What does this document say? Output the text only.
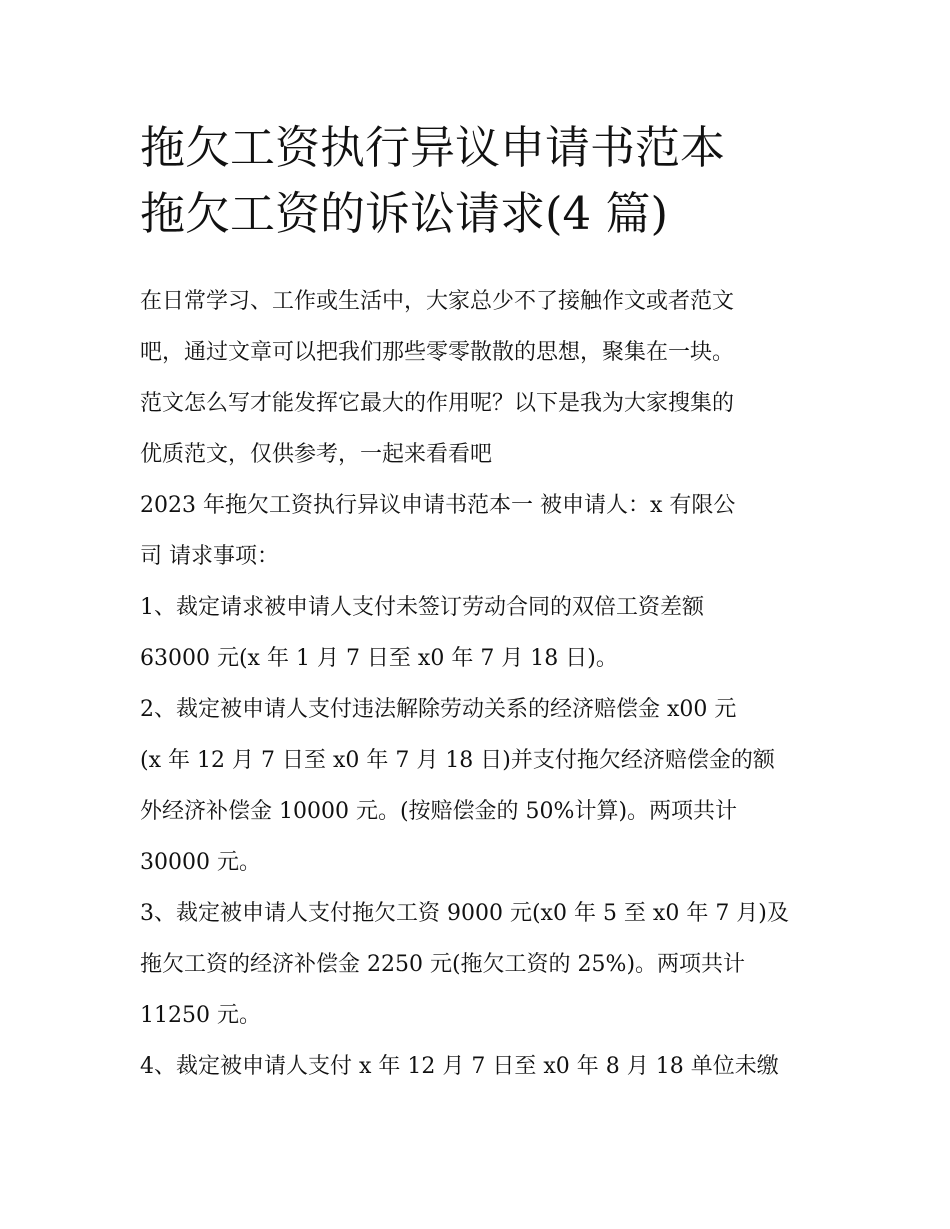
拖欠工资执行异议申请书范本
拖欠工资的诉讼请求(4 篇)
在日常学习、工作或生活中，大家总少不了接触作文或者范文
吧，通过文章可以把我们那些零零散散的思想，聚集在一块。
范文怎么写才能发挥它最大的作用呢？以下是我为大家搜集的
优质范文，仅供参考，一起来看看吧
2023 年拖欠工资执行异议申请书范本一 被申请人：x 有限公
司 请求事项：
1、裁定请求被申请人支付未签订劳动合同的双倍工资差额
63000 元(x 年 1 月 7 日至 x0 年 7 月 18 日)。
2、裁定被申请人支付违法解除劳动关系的经济赔偿金 x00 元
(x 年 12 月 7 日至 x0 年 7 月 18 日)并支付拖欠经济赔偿金的额
外经济补偿金 10000 元。(按赔偿金的 50%计算)。两项共计
30000 元。
3、裁定被申请人支付拖欠工资 9000 元(x0 年 5 至 x0 年 7 月)及
拖欠工资的经济补偿金 2250 元(拖欠工资的 25%)。两项共计
11250 元。
4、裁定被申请人支付 x 年 12 月 7 日至 x0 年 8 月 18 单位未缴
